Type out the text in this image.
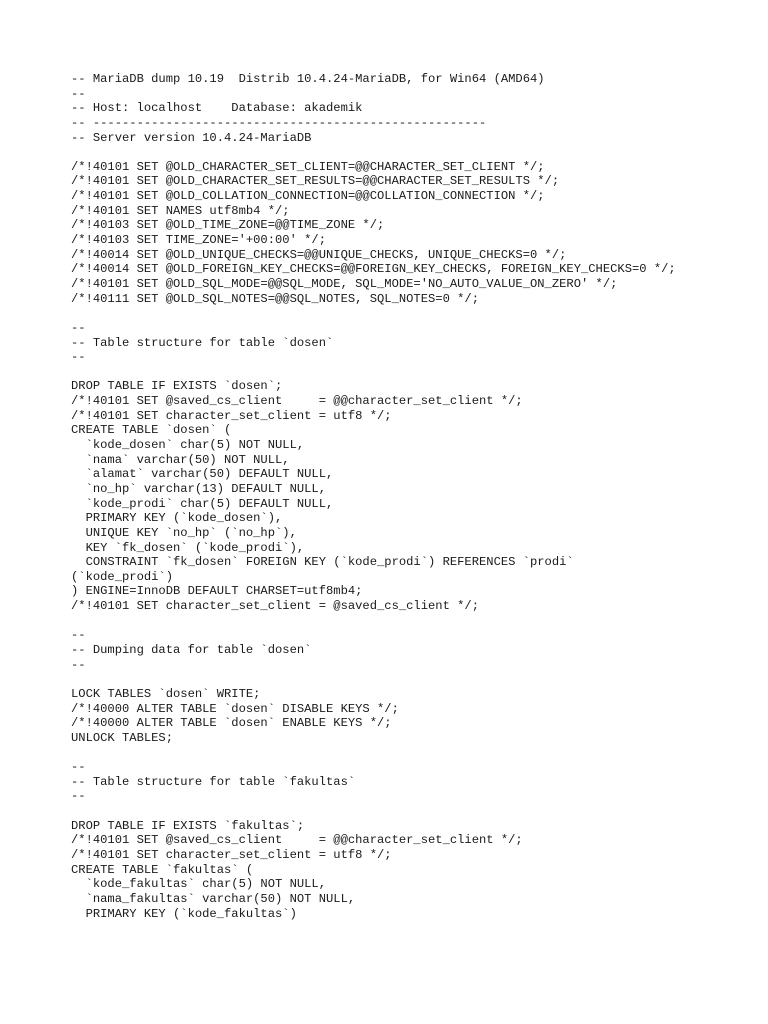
-- MariaDB dump 10.19  Distrib 10.4.24-MariaDB, for Win64 (AMD64)
--
-- Host: localhost    Database: akademik
-- ------------------------------------------------------
-- Server version 10.4.24-MariaDB
/*!40101 SET @OLD_CHARACTER_SET_CLIENT=@@CHARACTER_SET_CLIENT */;
/*!40101 SET @OLD_CHARACTER_SET_RESULTS=@@CHARACTER_SET_RESULTS */;
/*!40101 SET @OLD_COLLATION_CONNECTION=@@COLLATION_CONNECTION */;
/*!40101 SET NAMES utf8mb4 */;
/*!40103 SET @OLD_TIME_ZONE=@@TIME_ZONE */;
/*!40103 SET TIME_ZONE='+00:00' */;
/*!40014 SET @OLD_UNIQUE_CHECKS=@@UNIQUE_CHECKS, UNIQUE_CHECKS=0 */;
/*!40014 SET @OLD_FOREIGN_KEY_CHECKS=@@FOREIGN_KEY_CHECKS, FOREIGN_KEY_CHECKS=0 */;
/*!40101 SET @OLD_SQL_MODE=@@SQL_MODE, SQL_MODE='NO_AUTO_VALUE_ON_ZERO' */;
/*!40111 SET @OLD_SQL_NOTES=@@SQL_NOTES, SQL_NOTES=0 */;
--
-- Table structure for table `dosen`
--
DROP TABLE IF EXISTS `dosen`;
/*!40101 SET @saved_cs_client     = @@character_set_client */;
/*!40101 SET character_set_client = utf8 */;
CREATE TABLE `dosen` (
`kode_dosen` char(5) NOT NULL,
`nama` varchar(50) NOT NULL,
`alamat` varchar(50) DEFAULT NULL,
`no_hp` varchar(13) DEFAULT NULL,
`kode_prodi` char(5) DEFAULT NULL,
PRIMARY KEY (`kode_dosen`),
UNIQUE KEY `no_hp` (`no_hp`),
KEY `fk_dosen` (`kode_prodi`),
CONSTRAINT `fk_dosen` FOREIGN KEY (`kode_prodi`) REFERENCES `prodi`
(`kode_prodi`)
) ENGINE=InnoDB DEFAULT CHARSET=utf8mb4;
/*!40101 SET character_set_client = @saved_cs_client */;
--
-- Dumping data for table `dosen`
--
LOCK TABLES `dosen` WRITE;
/*!40000 ALTER TABLE `dosen` DISABLE KEYS */;
/*!40000 ALTER TABLE `dosen` ENABLE KEYS */;
UNLOCK TABLES;
--
-- Table structure for table `fakultas`
--
DROP TABLE IF EXISTS `fakultas`;
/*!40101 SET @saved_cs_client     = @@character_set_client */;
/*!40101 SET character_set_client = utf8 */;
CREATE TABLE `fakultas` (
`kode_fakultas` char(5) NOT NULL,
`nama_fakultas` varchar(50) NOT NULL,
PRIMARY KEY (`kode_fakultas`)
